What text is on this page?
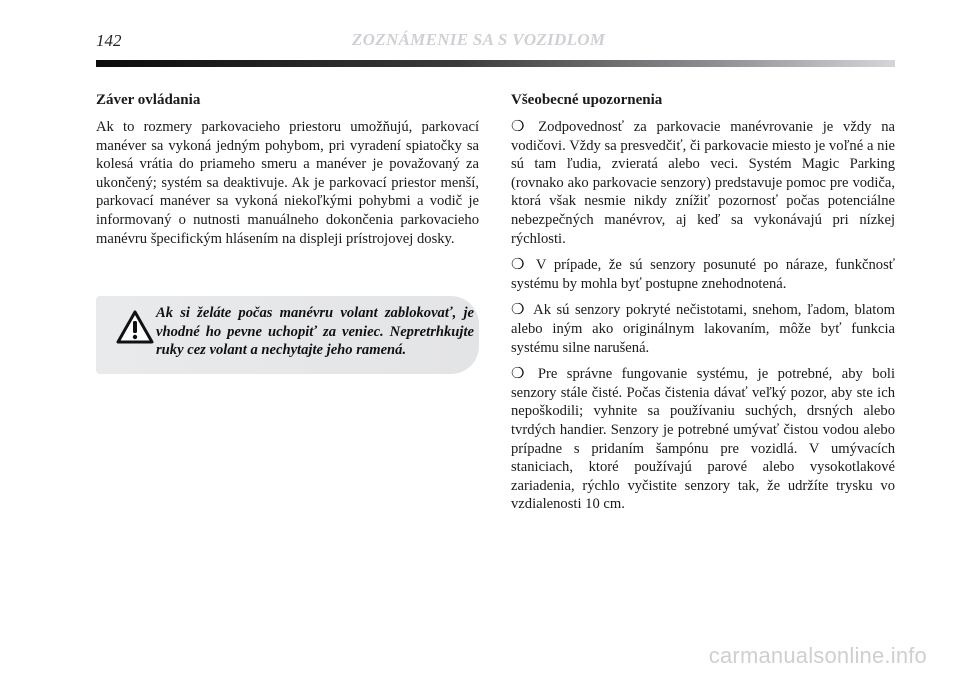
142	ZOZNÁMENIE SA S VOZIDLOM
Záver ovládania

Ak to rozmery parkovacieho priestoru umožňujú, parkovací manéver sa vykoná jedným pohybom, pri vyradení spiatočky sa kolesá vrátia do priameho smeru a manéver je považovaný za ukončený; systém sa deaktivuje. Ak je parkovací priestor menší, parkovací manéver sa vykoná niekoľkými pohybmi a vodič je informovaný o nutnosti manuálneho dokončenia parkovacieho manévru špecifickým hlásením na displeji prístrojovej dosky.

Ak si želáte počas manévru volant zablokovať, je vhodné ho pevne uchopiť za veniec. Nepretrhkujte ruky cez volant a nechytajte jeho ramená.
Všeobecné upozornenia

❍ Zodpovednosť za parkovacie manévrovanie je vždy na vodičovi. Vždy sa presvedčiť, či parkovacie miesto je voľné a nie sú tam ľudia, zvieratá alebo veci. Systém Magic Parking (rovnako ako parkovacie senzory) predstavuje pomoc pre vodiča, ktorá však nesmie nikdy znížiť pozornosť počas potenciálne nebezpečných manévrov, aj keď sa vykonávajú pri nízkej rýchlosti.

❍ V prípade, že sú senzory posunuté po náraze, funkčnosť systému by mohla byť postupne znehodnotená.

❍ Ak sú senzory pokryté nečistotami, snehom, ľadom, blatom alebo iným ako originálnym lakovaním, môže byť funkcia systému silne narušená.

❍ Pre správne fungovanie systému, je potrebné, aby boli senzory stále čisté. Počas čistenia dávať veľký pozor, aby ste ich nepoškodili; vyhnite sa používaniu suchých, drsných alebo tvrdých handier. Senzory je potrebné umývať čistou vodou alebo prípadne s pridaním šampónu pre vozidlá. V umývacích staniciach, ktoré používajú parové alebo vysokotlakové zariadenia, rýchlo vyčistite senzory tak, že udržíte trysku vo vzdialenosti 10 cm.

carmanualsonline.info
